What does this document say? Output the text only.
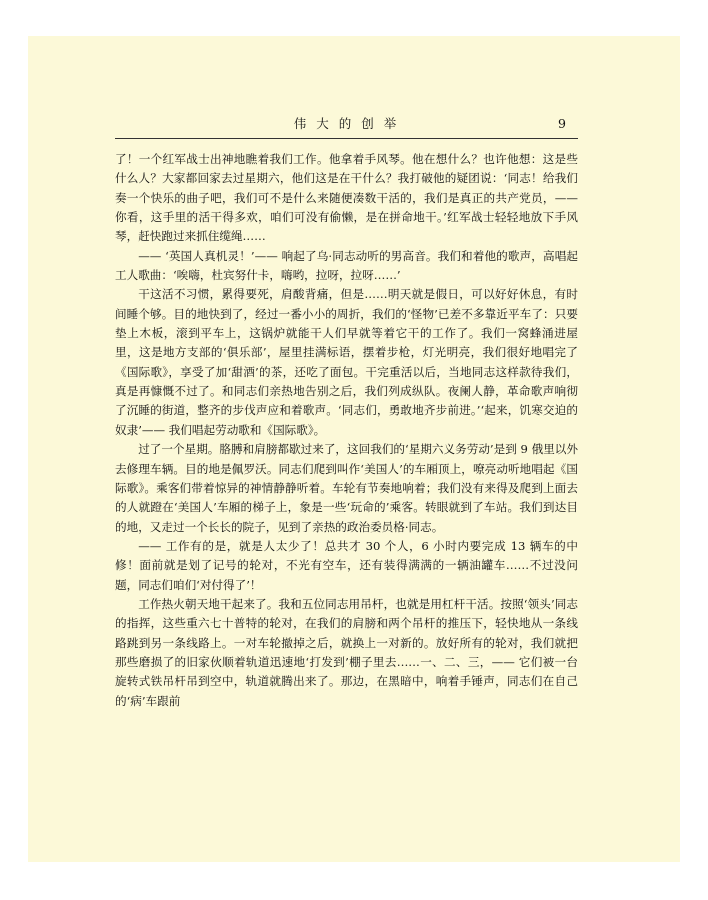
伟 大 的 创 举	9

了！一个红军战士出神地瞧着我们工作。他拿着手风琴。他在想什么？也许他想：这是些什么人？大家都回家去过星期六，他们这是在干什么？我打破他的疑团说：‘同志！给我们奏一个快乐的曲子吧，我们可不是什么来随便凑数干活的，我们是真正的共产党员，—— 你看，这手里的活干得多欢，咱们可没有偷懒，是在拼命地干。’红军战士轻轻地放下手风琴，赶快跑过来抓住缆绳……

—— ‘英国人真机灵！’—— 响起了乌·同志动听的男高音。我们和着他的歌声，高唱起工人歌曲：‘唉嗨，杜宾努什卡，嗨哟，拉呀，拉呀……’

干这活不习惯，累得要死，肩酸背痛，但是……明天就是假日，可以好好休息，有时间睡个够。目的地快到了，经过一番小小的周折，我们的‘怪物’已差不多靠近平车了：只要垫上木板，滚到平车上，这锅炉就能干人们早就等着它干的工作了。我们一窝蜂涌进屋里，这是地方支部的‘俱乐部’，屋里挂满标语，摆着步枪，灯光明亮，我们很好地唱完了《国际歌》，享受了加‘甜酒’的茶，还吃了面包。干完重活以后，当地同志这样款待我们，真是再慷慨不过了。和同志们亲热地告别之后，我们列成纵队。夜阑人静，革命歌声响彻了沉睡的街道，整齐的步伐声应和着歌声。‘同志们，勇敢地齐步前进。’‘起来，饥寒交迫的奴隶’—— 我们唱起劳动歌和《国际歌》。

过了一个星期。胳膊和肩膀都歇过来了，这回我们的‘星期六义务劳动’是到 9 俄里以外去修理车辆。目的地是佩罗沃。同志们爬到叫作‘美国人’的车厢顶上，嘹亮动听地唱起《国际歌》。乘客们带着惊异的神情静静听着。车轮有节奏地响着；我们没有来得及爬到上面去的人就蹬在‘美国人’车厢的梯子上，象是一些‘玩命的’乘客。转眼就到了车站。我们到达目的地，又走过一个长长的院子，见到了亲热的政治委员格·同志。

—— 工作有的是，就是人太少了！总共才 30 个人，6 小时内要完成 13 辆车的中修！面前就是划了记号的轮对，不光有空车，还有装得满满的一辆油罐车……不过没问题，同志们咱们‘对付得了’！

工作热火朝天地干起来了。我和五位同志用吊杆，也就是用杠杆干活。按照‘领头’同志的指挥，这些重六七十普特的轮对，在我们的肩膀和两个吊杆的推压下，轻快地从一条线路跳到另一条线路上。一对车轮撤掉之后，就换上一对新的。放好所有的轮对，我们就把那些磨损了的旧家伙顺着轨道迅速地‘打发到’棚子里去……一、二、三，—— 它们被一台旋转式铁吊杆吊到空中，轨道就腾出来了。那边，在黑暗中，响着手锤声，同志们在自己的‘病’车跟前
